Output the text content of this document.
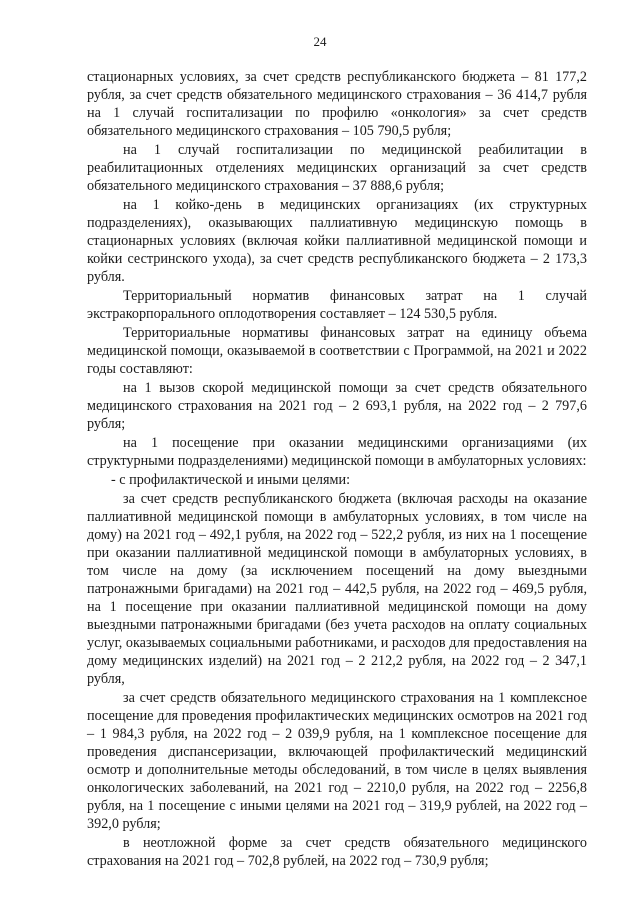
24

стационарных условиях, за счет средств республиканского бюджета – 81 177,2 рубля, за счет средств обязательного медицинского страхования – 36 414,7 рубля на 1 случай госпитализации по профилю «онкология» за счет средств обязательного медицинского страхования – 105 790,5 рубля;

на 1 случай госпитализации по медицинской реабилитации в реабилитационных отделениях медицинских организаций за счет средств обязательного медицинского страхования – 37 888,6 рубля;

на 1 койко-день в медицинских организациях (их структурных подразделениях), оказывающих паллиативную медицинскую помощь в стационарных условиях (включая койки паллиативной медицинской помощи и койки сестринского ухода), за счет средств республиканского бюджета – 2 173,3 рубля.

Территориальный норматив финансовых затрат на 1 случай экстракорпорального оплодотворения составляет – 124 530,5 рубля.

Территориальные нормативы финансовых затрат на единицу объема медицинской помощи, оказываемой в соответствии с Программой, на 2021 и 2022 годы составляют:

на 1 вызов скорой медицинской помощи за счет средств обязательного медицинского страхования на 2021 год – 2 693,1 рубля, на 2022 год – 2 797,6 рубля;

на 1 посещение при оказании медицинскими организациями (их структурными подразделениями) медицинской помощи в амбулаторных условиях:

- с профилактической и иными целями:

за счет средств республиканского бюджета (включая расходы на оказание паллиативной медицинской помощи в амбулаторных условиях, в том числе на дому) на 2021 год – 492,1 рубля, на 2022 год – 522,2 рубля, из них на 1 посещение при оказании паллиативной медицинской помощи в амбулаторных условиях, в том числе на дому (за исключением посещений на дому выездными патронажными бригадами) на 2021 год – 442,5 рубля, на 2022 год – 469,5 рубля, на 1 посещение при оказании паллиативной медицинской помощи на дому выездными патронажными бригадами (без учета расходов на оплату социальных услуг, оказываемых социальными работниками, и расходов для предоставления на дому медицинских изделий) на 2021 год – 2 212,2 рубля, на 2022 год – 2 347,1 рубля,

за счет средств обязательного медицинского страхования на 1 комплексное посещение для проведения профилактических медицинских осмотров на 2021 год – 1 984,3 рубля, на 2022 год – 2 039,9 рубля, на 1 комплексное посещение для проведения диспансеризации, включающей профилактический медицинский осмотр и дополнительные методы обследований, в том числе в целях выявления онкологических заболеваний, на 2021 год – 2210,0 рубля, на 2022 год – 2256,8 рубля, на 1 посещение с иными целями на 2021 год – 319,9 рублей, на 2022 год – 392,0 рубля;

в неотложной форме за счет средств обязательного медицинского страхования на 2021 год – 702,8 рублей, на 2022 год – 730,9 рубля;
